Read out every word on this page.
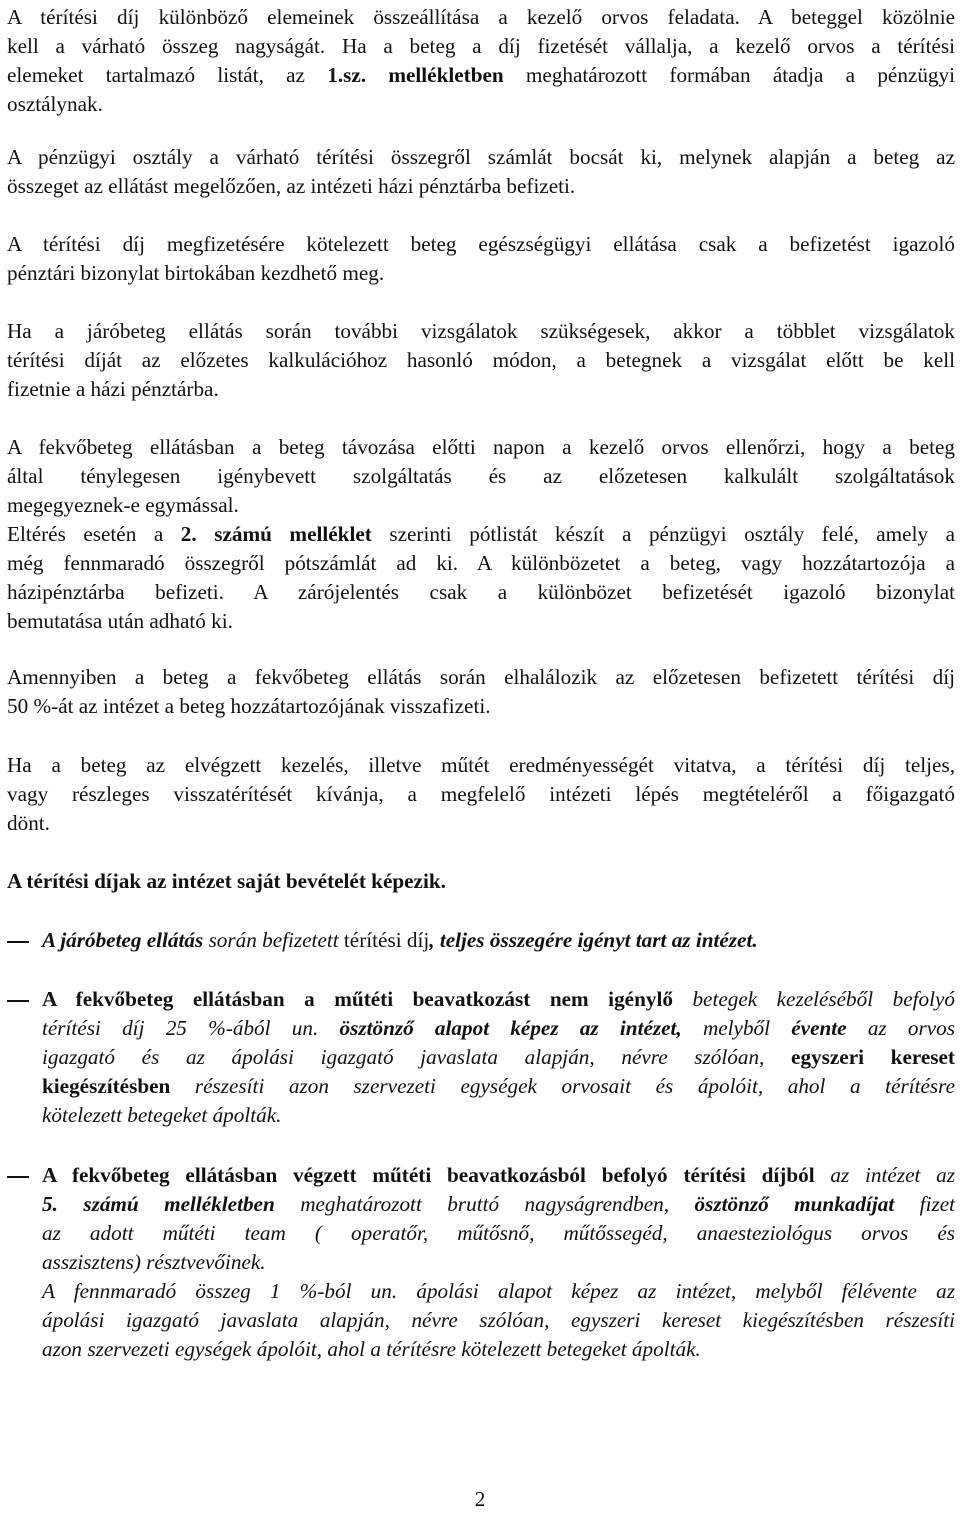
A térítési díj különböző elemeinek összeállítása a kezelő orvos feladata. A beteggel közölnie
kell a várható összeg nagyságát. Ha a beteg a díj fizetését vállalja, a kezelő orvos a térítési
elemeket tartalmazó listát, az 1.sz. mellékletben meghatározott formában átadja a pénzügyi
osztálynak.
A pénzügyi osztály a várható térítési összegről számlát bocsát ki, melynek alapján a beteg az
összeget az ellátást megelőzően, az intézeti házi pénztárba befizeti.
A térítési díj megfizetésére kötelezett beteg egészségügyi ellátása csak a befizetést igazoló
pénztári bizonylat birtokában kezdhető meg.
Ha a járóbeteg ellátás során további vizsgálatok szükségesek, akkor a többlet vizsgálatok
térítési díját az előzetes kalkulációhoz hasonló módon, a betegnek a vizsgálat előtt be kell
fizetnie a házi pénztárba.
A fekvőbeteg ellátásban a beteg távozása előtti napon a kezelő orvos ellenőrzi, hogy a beteg
által ténylegesen igénybevett szolgáltatás és az előzetesen kalkulált szolgáltatások
megegyeznek-e egymással.
Eltérés esetén a 2. számú melléklet szerinti pótlistát készít a pénzügyi osztály felé, amely a
még fennmaradó összegről pótszámlát ad ki. A különbözetet a beteg, vagy hozzátartozója a
házipénztárba befizeti. A zárójelentés csak a különbözet befizetését igazoló bizonylat
bemutatása után adható ki.
Amennyiben a beteg a fekvőbeteg ellátás során elhalálozik az előzetesen befizetett térítési díj
50 %-át az intézet a beteg hozzátartozójának visszafizeti.
Ha a beteg az elvégzett kezelés, illetve műtét eredményességét vitatva, a térítési díj teljes,
vagy részleges visszatérítését kívánja, a megfelelő intézeti lépés megtételéről a főigazgató
dönt.
A térítési díjak az intézet saját bevételét képezik.
A járóbeteg ellátás során befizetett térítési díj, teljes összegére igényt tart az intézet.
A fekvőbeteg ellátásban a műtéti beavatkozást nem igénylő betegek kezeléséből befolyó
térítési díj 25 %-ából un. ösztönző alapot képez az intézet, melyből évente az orvos
igazgató és az ápolási igazgató javaslata alapján, névre szólóan, egyszeri kereset
kiegészítésben részesíti azon szervezeti egységek orvosait és ápolóit, ahol a térítésre
kötelezett betegeket ápolták.
A fekvőbeteg ellátásban végzett műtéti beavatkozásból befolyó térítési díjból az intézet az
5. számú mellékletben meghatározott bruttó nagyságrendben, ösztönző munkadíjat fizet
az adott műtéti team ( operatőr, műtősnő, műtőssegéd, anaesteziológus orvos és
asszisztens) résztvevőinek.
A fennmaradó összeg 1 %-ból un. ápolási alapot képez az intézet, melyből félévente az
ápolási igazgató javaslata alapján, névre szólóan, egyszeri kereset kiegészítésben részesíti
azon szervezeti egységek ápolóit, ahol a térítésre kötelezett betegeket ápolták.
2
